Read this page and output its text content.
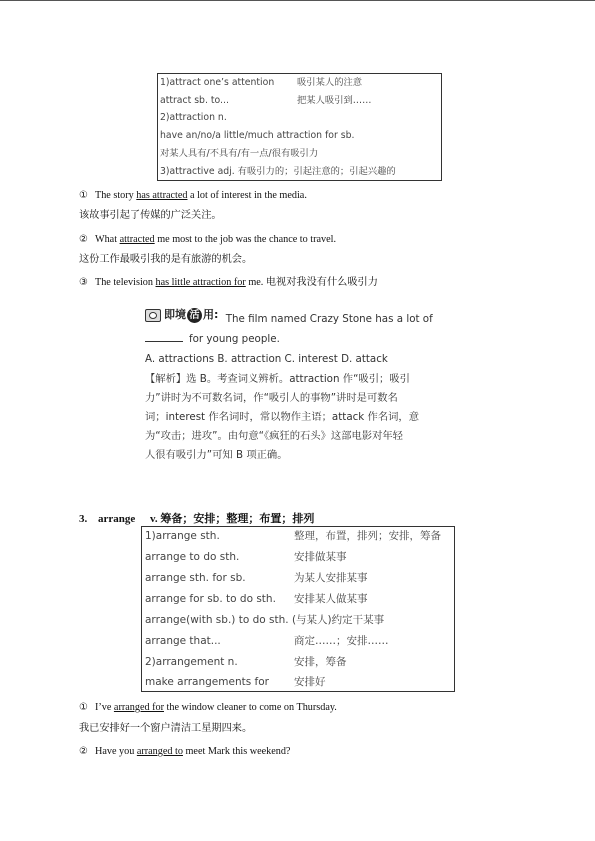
1)attract one’s attention 吸引某人的注意
attract sb. to...	把某人吸引到……
2)attraction n.
have an/no/a little/much attraction for sb.
对某人具有/不具有/有一点/很有吸引力
3)attractive adj. 有吸引力的；引起注意的；引起兴趣的
① The story has attracted a lot of interest in the media.
该故事引起了传媒的广泛关注。
② What attracted me most to the job was the chance to travel.
这份工作最吸引我的是有旅游的机会。
③ The television has little attraction for me. 电视对我没有什么吸引力
即境 活 用: The film named Crazy Stone has a lot of
for young people.
A. attractions B. attraction C. interest D. attack
【解析】选 B。考查词义辨析。attraction 作“吸引；吸引
力”讲时为不可数名词，作“吸引人的事物”讲时是可数名
词；interest 作名词时，常以物作主语；attack 作名词，意
为“攻击；进攻”。由句意“《疯狂的石头》这部电影对年轻
人很有吸引力”可知 B 项正确。
3. arrange v. 筹备；安排；整理；布置；排列
1)arrange sth.	整理，布置，排列；安排，筹备
arrange to do sth.	安排做某事
arrange sth. for sb.	为某人安排某事
arrange for sb. to do sth. 安排某人做某事
arrange(with sb.) to do sth. (与某人)约定干某事
arrange that...	商定……；安排……
2)arrangement n.	安排，筹备
make arrangements for 安排好
① I’ve arranged for the window cleaner to come on Thursday.
我已安排好一个窗户清洁工星期四来。
② Have you arranged to meet Mark this weekend?
